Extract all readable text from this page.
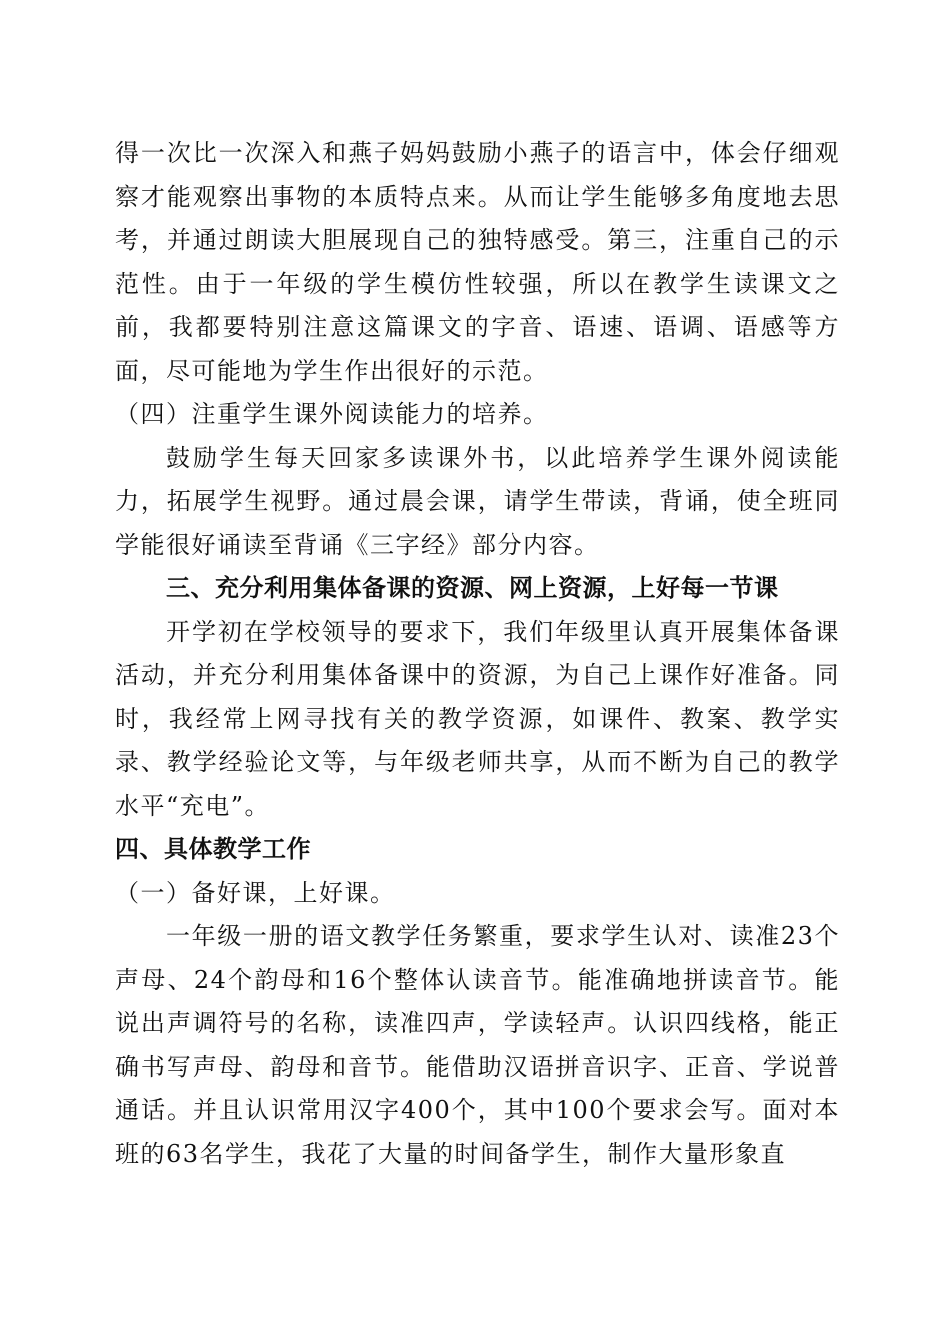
得一次比一次深入和燕子妈妈鼓励小燕子的语言中，体会仔细观察才能观察出事物的本质特点来。从而让学生能够多角度地去思考，并通过朗读大胆展现自己的独特感受。第三，注重自己的示范性。由于一年级的学生模仿性较强，所以在教学生读课文之前，我都要特别注意这篇课文的字音、语速、语调、语感等方面，尽可能地为学生作出很好的示范。

（四）注重学生课外阅读能力的培养。

鼓励学生每天回家多读课外书，以此培养学生课外阅读能力，拓展学生视野。通过晨会课，请学生带读，背诵，使全班同学能很好诵读至背诵《三字经》部分内容。

三、充分利用集体备课的资源、网上资源，上好每一节课

开学初在学校领导的要求下，我们年级里认真开展集体备课活动，并充分利用集体备课中的资源，为自己上课作好准备。同时，我经常上网寻找有关的教学资源，如课件、教案、教学实录、教学经验论文等，与年级老师共享，从而不断为自己的教学水平“充电”。

四、具体教学工作

（一）备好课，上好课。

一年级一册的语文教学任务繁重，要求学生认对、读准23个声母、24个韵母和16个整体认读音节。能准确地拼读音节。能说出声调符号的名称，读准四声，学读轻声。认识四线格，能正确书写声母、韵母和音节。能借助汉语拼音识字、正音、学说普通话。并且认识常用汉字400个，其中100个要求会写。面对本班的63名学生，我花了大量的时间备学生，制作大量形象直
